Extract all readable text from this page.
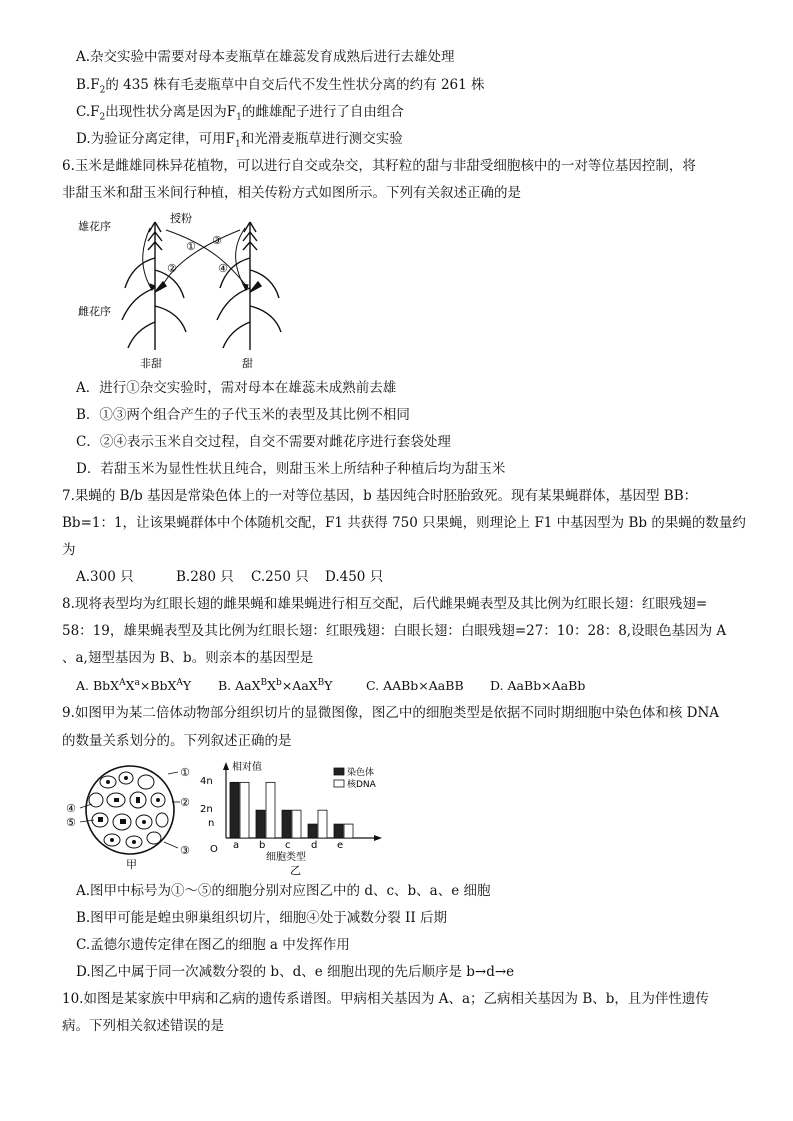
A.杂交实验中需要对母本麦瓶草在雄蕊发育成熟后进行去雄处理
$B.F_2$的 435 株有毛麦瓶草中自交后代不发生性状分离的约有 261 株
$C.F_2$出现性状分离是因为$F_1$的雌雄配子进行了自由组合
D.为验证分离定律，可用$F_1$和光滑麦瓶草进行测交实验
6.玉米是雌雄同株异花植物，可以进行自交或杂交，其籽粒的甜与非甜受细胞核中的一对等位基因控制，将
非甜玉米和甜玉米间行种植，相关传粉方式如图所示。下列有关叙述正确的是
雄花序
雌花序
授粉
①
②
③
④
非甜	甜
A．进行①杂交实验时，需对母本在雄蕊未成熟前去雄
B．①③两个组合产生的子代玉米的表型及其比例不相同
C．②④表示玉米自交过程，自交不需要对雌花序进行套袋处理
D．若甜玉米为显性性状且纯合，则甜玉米上所结种子种植后均为甜玉米
7.果蝇的 B/b 基因是常染色体上的一对等位基因，b 基因纯合时胚胎致死。现有某果蝇群体，基因型 BB：
Bb=1：1，让该果蝇群体中个体随机交配，F1 共获得 750 只果蝇，则理论上 F1 中基因型为 Bb 的果蝇的数量约
为
A.300 只	B.280 只 C.250 只 D.450 只
8.现将表型均为红眼长翅的雌果蝇和雄果蝇进行相互交配，后代雌果蝇表型及其比例为红眼长翅：红眼残翅=
58：19，雄果蝇表型及其比例为红眼长翅：红眼残翅：白眼长翅：白眼残翅=27：10：28：8,设眼色基因为 A
、a,翅型基因为 B、b。则亲本的基因型是
A. $BbX^AX^a\times BbX^AY$ B. $AaX^BX^b\times AaX^BY$	C. AABb×AaBB D. AaBb×AaBb
9.如图甲为某二倍体动物部分组织切片的显微图像，图乙中的细胞类型是依据不同时期细胞中染色体和核 DNA
的数量关系划分的。下列叙述正确的是
①
②
③
④
⑤
甲
相对值
O
4n
2n
n
a b c d e
细胞类型
乙
染色体
核DNA
A.图甲中标号为①～⑤的细胞分别对应图乙中的 d、c、b、a、e 细胞
B.图甲可能是蝗虫卵巢组织切片，细胞④处于减数分裂 II 后期
C.孟德尔遗传定律在图乙的细胞 a 中发挥作用
D.图乙中属于同一次减数分裂的 b、d、e 细胞出现的先后顺序是 b→d→e
10.如图是某家族中甲病和乙病的遗传系谱图。甲病相关基因为 A、a；乙病相关基因为 B、b，且为伴性遗传
病。下列相关叙述错误的是
